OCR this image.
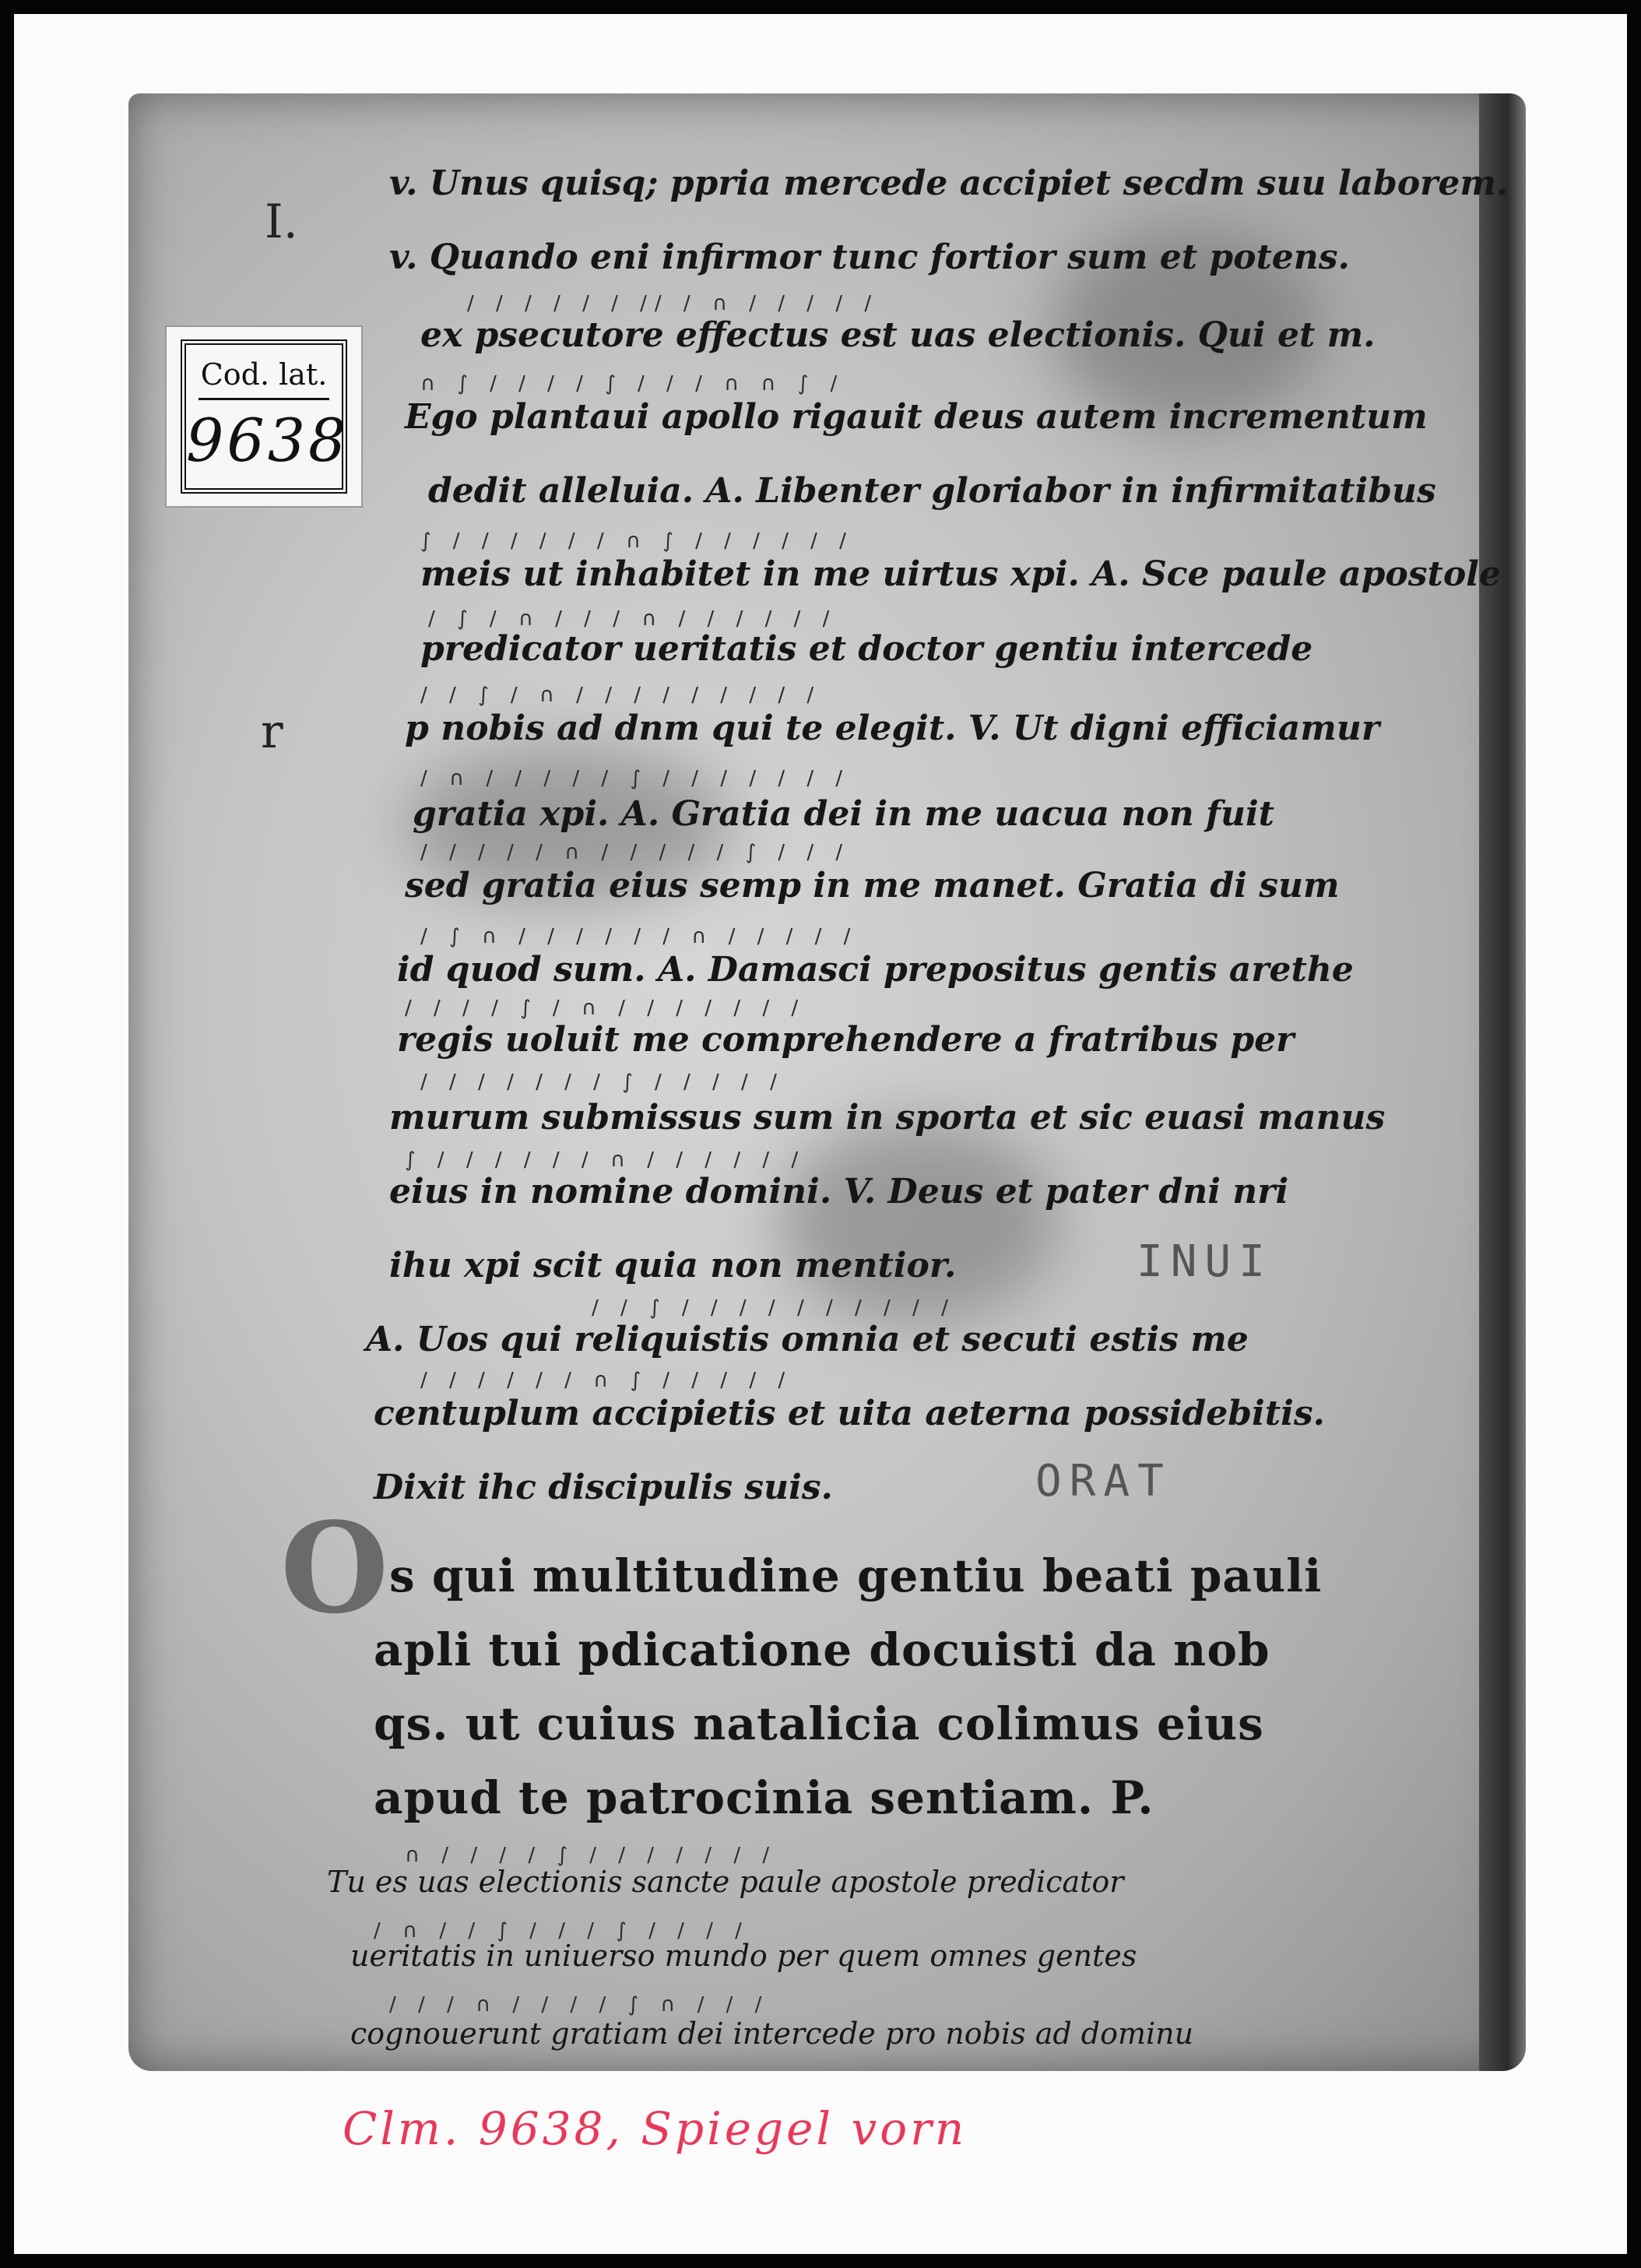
Cod. lat.
9638
I.
r
v. Unus quisq; ppria mercede accipiet secdm suu laborem.
v. Quando eni infirmor tunc fortior sum et potens.
/ / / / / / // / ∩ / / / / /
ex psecutore effectus est uas electionis. Qui et m.
∩ ∫ / / / / ∫ / / / ∩ ∩ ∫ /
Ego plantaui apollo rigauit deus autem incrementum
dedit alleluia. A. Libenter gloriabor in infirmitatibus
∫ / / / / / / ∩ ∫ / / / / / /
meis ut inhabitet in me uirtus xpi. A. Sce paule apostole
/ ∫ / ∩ / / / ∩ / / / / / /
predicator ueritatis et doctor gentiu intercede
/ / ∫ / ∩ / / / / / / / / /
p nobis ad dnm qui te elegit. V. Ut digni efficiamur
/ ∩ / / / / / ∫ / / / / / / /
gratia xpi. A. Gratia dei in me uacua non fuit
/ / / / / ∩ / / / / / ∫ / / /
sed gratia eius semp in me manet. Gratia di sum
/ ∫ ∩ / / / / / / ∩ / / / / /
id quod sum. A. Damasci prepositus gentis arethe
/ / / / ∫ / ∩ / / / / / / /
regis uoluit me comprehendere a fratribus per
/ / / / / / / ∫ / / / / /
murum submissus sum in sporta et sic euasi manus
∫ / / / / / / ∩ / / / / / /
eius in nomine domini. V. Deus et pater dni nri
ihu xpi scit quia non mentior.	INUI
/ / ∫ / / / / / / / / / /
A. Uos qui reliquistis omnia et secuti estis me
/ / / / / / ∩ ∫ / / / / /
centuplum accipietis et uita aeterna possidebitis.
Dixit ihc discipulis suis.	ORAT
O s qui multitudine gentiu beati pauli
apli tui pdicatione docuisti da nob
qs. ut cuius natalicia colimus eius
apud te patrocinia sentiam. P.
∩ / / / / ∫ / / / / / / /
Tu es uas electionis sancte paule apostole predicator
/ ∩ / / ∫ / / / ∫ / / / /
ueritatis in uniuerso mundo per quem omnes gentes
/ / / ∩ / / / / ∫ ∩ / / /
cognouerunt gratiam dei intercede pro nobis ad dominu
Clm. 9638, Spiegel vorn
